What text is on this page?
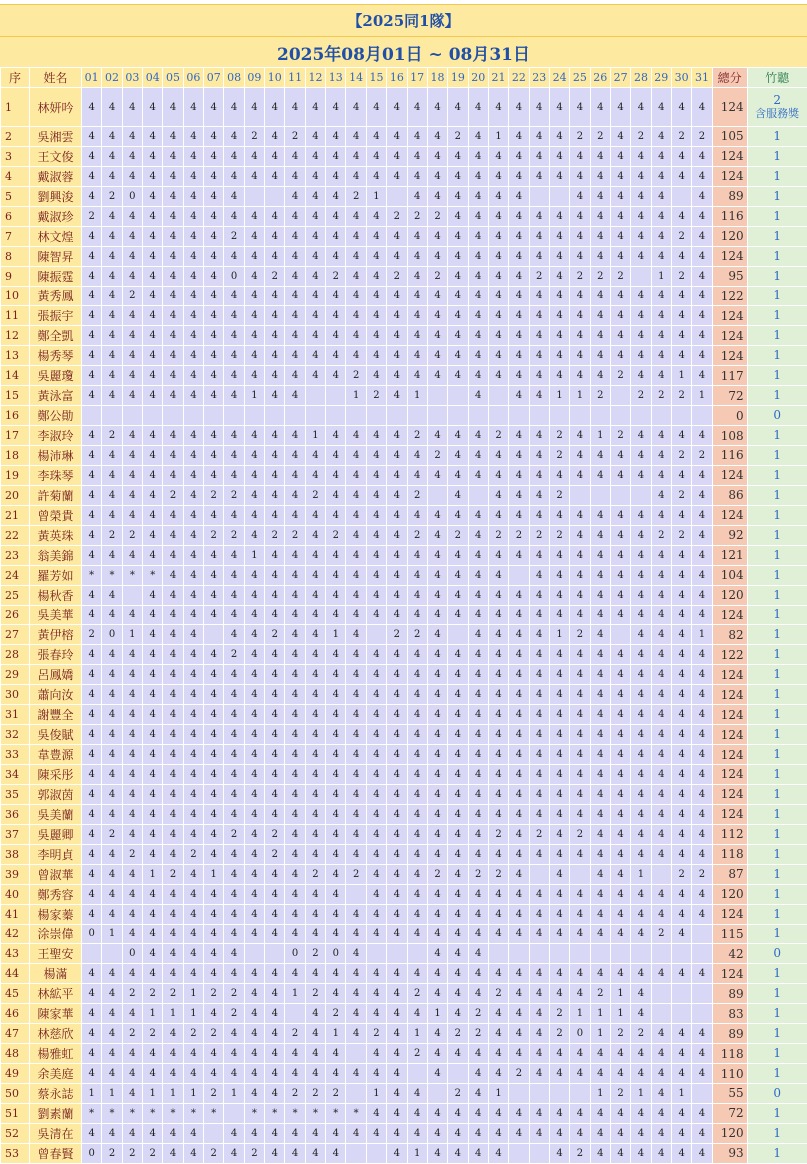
【2025同1隊】
2025年08月01日 ~ 08月31日
序	姓名	01	02	03	04	05	06	07	08	09	10	11	12	13	14	15	16	17	18	19	20	21	22	23	24	25	26	27	28	29	30	31	總分	竹聽
1	林妍吟	4	4	4	4	4	4	4	4	4	4	4	4	4	4	4	4	4	4	4	4	4	4	4	4	4	4	4	4	4	4	4	124	2
含服務獎

2	吳湘雲	4	4	4	4	4	4	4	4	2	4	2	4	4	4	4	4	4	4	2	4	1	4	4	4	2	2	4	2	4	2	2	105	1
3	王文俊	4	4	4	4	4	4	4	4	4	4	4	4	4	4	4	4	4	4	4	4	4	4	4	4	4	4	4	4	4	4	4	124	1
4	戴淑蓉	4	4	4	4	4	4	4	4	4	4	4	4	4	4	4	4	4	4	4	4	4	4	4	4	4	4	4	4	4	4	4	124	1
5	劉興浚	4	2	0	4	4	4	4	4			4	4	4	2	1		4	4	4	4	4	4			4	4	4	4	4		4	89	1
6	戴淑珍	2	4	4	4	4	4	4	4	4	4	4	4	4	4	4	2	2	2	4	4	4	4	4	4	4	4	4	4	4	4	4	116	1
7	林文煌	4	4	4	4	4	4	4	2	4	4	4	4	4	4	4	4	4	4	4	4	4	4	4	4	4	4	4	4	4	2	4	120	1
8	陳智昇	4	4	4	4	4	4	4	4	4	4	4	4	4	4	4	4	4	4	4	4	4	4	4	4	4	4	4	4	4	4	4	124	1
9	陳振霆	4	4	4	4	4	4	4	0	4	2	4	4	2	4	4	2	4	2	4	4	4	4	2	4	2	2	2		1	2	4	95	1
10	黃秀鳳	4	4	2	4	4	4	4	4	4	4	4	4	4	4	4	4	4	4	4	4	4	4	4	4	4	4	4	4	4	4	4	122	1
11	張振宇	4	4	4	4	4	4	4	4	4	4	4	4	4	4	4	4	4	4	4	4	4	4	4	4	4	4	4	4	4	4	4	124	1
12	鄭全凱	4	4	4	4	4	4	4	4	4	4	4	4	4	4	4	4	4	4	4	4	4	4	4	4	4	4	4	4	4	4	4	124	1
13	楊秀琴	4	4	4	4	4	4	4	4	4	4	4	4	4	4	4	4	4	4	4	4	4	4	4	4	4	4	4	4	4	4	4	124	1
14	吳麗瓊	4	4	4	4	4	4	4	4	4	4	4	4	4	2	4	4	4	4	4	4	4	4	4	4	4	4	2	4	4	1	4	117	1
15	黃泳富	4	4	4	4	4	4	4	4	1	4	4			1	2	4	1			4		4	4	1	1	2		2	2	2	1	72	1
16	鄭公勛																																0	0
17	李淑玲	4	2	4	4	4	4	4	4	4	4	4	1	4	4	4	4	2	4	4	4	2	4	4	2	4	1	2	4	4	4	4	108	1
18	楊沛琳	4	4	4	4	4	4	4	4	4	4	4	4	4	4	4	4	4	2	4	4	4	4	4	2	4	4	4	4	4	2	2	116	1
19	李珠琴	4	4	4	4	4	4	4	4	4	4	4	4	4	4	4	4	4	4	4	4	4	4	4	4	4	4	4	4	4	4	4	124	1
20	許菊蘭	4	4	4	4	2	4	2	2	4	4	4	2	4	4	4	4	2		4		4	4	4	2					4	2	4	86	1
21	曾榮貴	4	4	4	4	4	4	4	4	4	4	4	4	4	4	4	4	4	4	4	4	4	4	4	4	4	4	4	4	4	4	4	124	1
22	黃英珠	4	2	2	4	4	4	2	2	4	2	2	4	2	4	4	4	2	4	2	4	2	2	2	2	4	4	4	4	2	2	4	92	1
23	翁美錦	4	4	4	4	4	4	4	4	1	4	4	4	4	4	4	4	4	4	4	4	4	4	4	4	4	4	4	4	4	4	4	121	1
24	羅芳如	*	*	*	*	4	4	4	4	4	4	4	4	4	4	4	4	4	4	4	4	4		4	4	4	4	4	4	4	4	4	104	1
25	楊秋香	4	4		4	4	4	4	4	4	4	4	4	4	4	4	4	4	4	4	4	4	4	4	4	4	4	4	4	4	4	4	120	1
26	吳美華	4	4	4	4	4	4	4	4	4	4	4	4	4	4	4	4	4	4	4	4	4	4	4	4	4	4	4	4	4	4	4	124	1
27	黃伊榕	2	0	1	4	4	4		4	4	2	4	4	1	4		2	2	4		4	4	4	4	1	2	4		4	4	4	1	82	1
28	張春玲	4	4	4	4	4	4	4	2	4	4	4	4	4	4	4	4	4	4	4	4	4	4	4	4	4	4	4	4	4	4	4	122	1
29	呂鳳嬌	4	4	4	4	4	4	4	4	4	4	4	4	4	4	4	4	4	4	4	4	4	4	4	4	4	4	4	4	4	4	4	124	1
30	蕭向汝	4	4	4	4	4	4	4	4	4	4	4	4	4	4	4	4	4	4	4	4	4	4	4	4	4	4	4	4	4	4	4	124	1
31	謝豐全	4	4	4	4	4	4	4	4	4	4	4	4	4	4	4	4	4	4	4	4	4	4	4	4	4	4	4	4	4	4	4	124	1
32	吳俊賦	4	4	4	4	4	4	4	4	4	4	4	4	4	4	4	4	4	4	4	4	4	4	4	4	4	4	4	4	4	4	4	124	1
33	韋豊源	4	4	4	4	4	4	4	4	4	4	4	4	4	4	4	4	4	4	4	4	4	4	4	4	4	4	4	4	4	4	4	124	1
34	陳采彤	4	4	4	4	4	4	4	4	4	4	4	4	4	4	4	4	4	4	4	4	4	4	4	4	4	4	4	4	4	4	4	124	1
35	郭淑茵	4	4	4	4	4	4	4	4	4	4	4	4	4	4	4	4	4	4	4	4	4	4	4	4	4	4	4	4	4	4	4	124	1
36	吳美蘭	4	4	4	4	4	4	4	4	4	4	4	4	4	4	4	4	4	4	4	4	4	4	4	4	4	4	4	4	4	4	4	124	1
37	吳麗卿	4	2	4	4	4	4	4	2	4	2	4	4	4	4	4	4	4	4	4	4	2	4	2	4	2	4	4	4	4	4	4	112	1
38	李明貞	4	4	2	4	4	2	4	4	4	2	4	4	4	4	4	4	4	4	4	4	4	4	4	4	4	4	4	4	4	4	4	118	1
39	曾淑華	4	4	4	1	2	4	1	4	4	4	4	2	4	2	4	4	4	2	4	2	2	4		4		4	4	1		2	2	87	1
40	鄭秀容	4	4	4	4	4	4	4	4	4	4	4	4	4		4	4	4	4	4	4	4	4	4	4	4	4	4	4	4	4	4	120	1
41	楊家蓁	4	4	4	4	4	4	4	4	4	4	4	4	4	4	4	4	4	4	4	4	4	4	4	4	4	4	4	4	4	4	4	124	1
42	涂崇偉	0	1	4	4	4	4	4	4	4	4	4	4	4	4	4	4	4	4	4	4	4	4	4	4	4	4	4	4	2	4		115	1
43	王聖安			0	4	4	4	4	4			0	2	0	4				4	4	4												42	0
44	楊滿	4	4	4	4	4	4	4	4	4	4	4	4	4	4	4	4	4	4	4	4	4	4	4	4	4	4	4	4	4	4	4	124	1
45	林絋平	4	4	2	2	2	1	2	2	4	4	1	2	4	4	4	4	2	4	4	4	2	4	4	4	4	2	1	4				89	1
46	陳家華	4	4	4	1	1	1	4	2	4	4		4	2	4	4	4	4	1	4	2	4	4	4	2	1	1	1	4				83	1
47	林慈欣	4	4	2	2	4	2	2	4	4	4	2	4	1	4	2	4	1	4	2	2	4	4	4	2	0	1	2	2	4	4	4	89	1
48	楊雅虹	4	4	4	4	4	4	4	4	4	4	4	4	4		4	4	2	4	4	4	4	4	4	4	4	4	4	4	4	4	4	118	1
49	余美庭	4	4	4	4	4	4	4	4	4	4	4	4	4	4	4	4		4		4	4	2	4	4	4	4	4	4	4	4	4	110	1
50	蔡永誌	1	1	4	1	1	1	2	1	4	4	2	2	2		1	4	4		2	4	1					1	2	1	4	1		55	0
51	劉素蘭	*	*	*	*	*	*	*		*	*	*	*	*	*	4	4	4	4	4	4	4	4	4	4	4	4	4	4	4	4	4	72	1
52	吳清在	4	4	4	4	4	4		4	4	4	4	4	4	4	4	4	4	4	4	4	4	4	4	4	4	4	4	4	4	4	4	120	1
53	曾春賢	0	2	2	2	4	4	2	4	2	4	4	4	4			4	1	4	4	4	4			4	2	4	4	4	4	4	4	93	1
